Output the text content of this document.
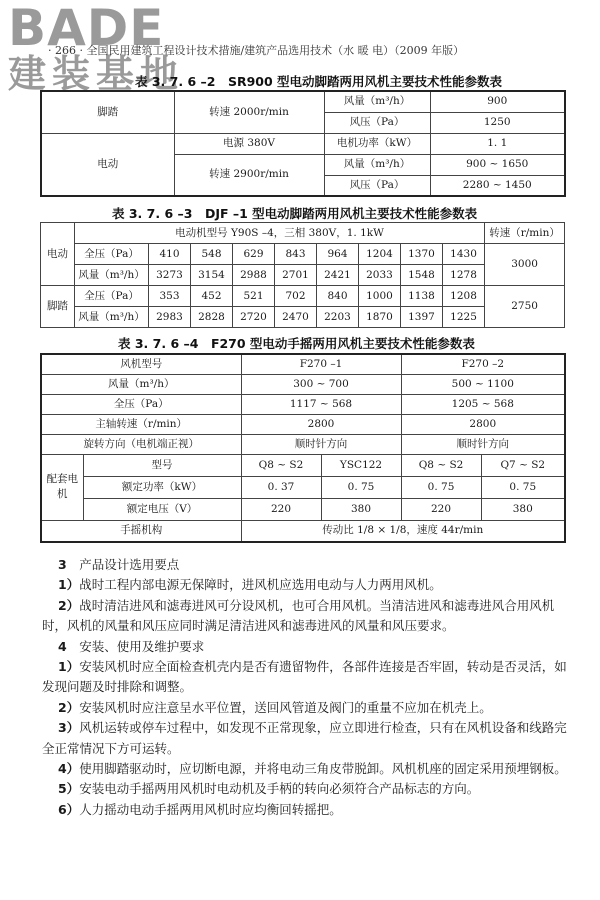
BADE
建装基地
· 266 · 全国民用建筑工程设计技术措施/建筑产品选用技术（水 暖 电）（2009 年版）
表 3. 7. 6 –2　SR900 型电动脚踏两用风机主要技术性能参数表
脚踏	转速 2000r/min	风量（m³/h）	900
		风压（Pa）	1250
电动	电源 380V	电机功率（kW）	1. 1
	转速 2900r/min	风量（m³/h）	900 ~ 1650
		风压（Pa）	2280 ~ 1450
表 3. 7. 6 –3　DJF –1 型电动脚踏两用风机主要技术性能参数表
电动	电动机型号 Y90S –4，三相 380V，1. 1kW									转速（r/min）
	全压（Pa）	410	548	629	843	964	1204	1370	1430	3000
	风量（m³/h）	3273	3154	2988	2701	2421	2033	1548	1278	
脚踏	全压（Pa）	353	452	521	702	840	1000	1138	1208	2750
	风量（m³/h）	2983	2828	2720	2470	2203	1870	1397	1225	
表 3. 7. 6 –4　F270 型电动手摇两用风机主要技术性能参数表
风机型号		F270 –1		F270 –2	
风量（m³/h）		300 ~ 700		500 ~ 1100	
全压（Pa）		1117 ~ 568		1205 ~ 568	
主轴转速（r/min）		2800		2800	
旋转方向（电机端正视）		顺时针方向		顺时针方向	
配套电机	型号	Q8 ~ S2	YSC122	Q8 ~ S2	Q7 ~ S2
	额定功率（kW）	0. 37	0. 75	0. 75	0. 75
	额定电压（V）	220	380	220	380
手摇机构		传动比 1/8 × 1/8，速度 44r/min			

3　 产品设计选用要点

1）战时工程内部电源无保障时，进风机应选用电动与人力两用风机。

2）战时清洁进风和滤毒进风可分设风机，也可合用风机。当清洁进风和滤毒进风合用风机时，风机的风量和风压应同时满足清洁进风和滤毒进风的风量和风压要求。

4　 安装、使用及维护要求

1）安装风机时应全面检查机壳内是否有遗留物件，各部件连接是否牢固，转动是否灵活，如发现问题及时排除和调整。

2）安装风机时应注意呈水平位置，送回风管道及阀门的重量不应加在机壳上。

3）风机运转或停车过程中，如发现不正常现象，应立即进行检查，只有在风机设备和线路完全正常情况下方可运转。

4）使用脚踏驱动时，应切断电源，并将电动三角皮带脱卸。风机机座的固定采用预埋钢板。

5）安装电动手摇两用风机时电动机及手柄的转向必须符合产品标志的方向。

6）人力摇动电动手摇两用风机时应均衡回转摇把。
